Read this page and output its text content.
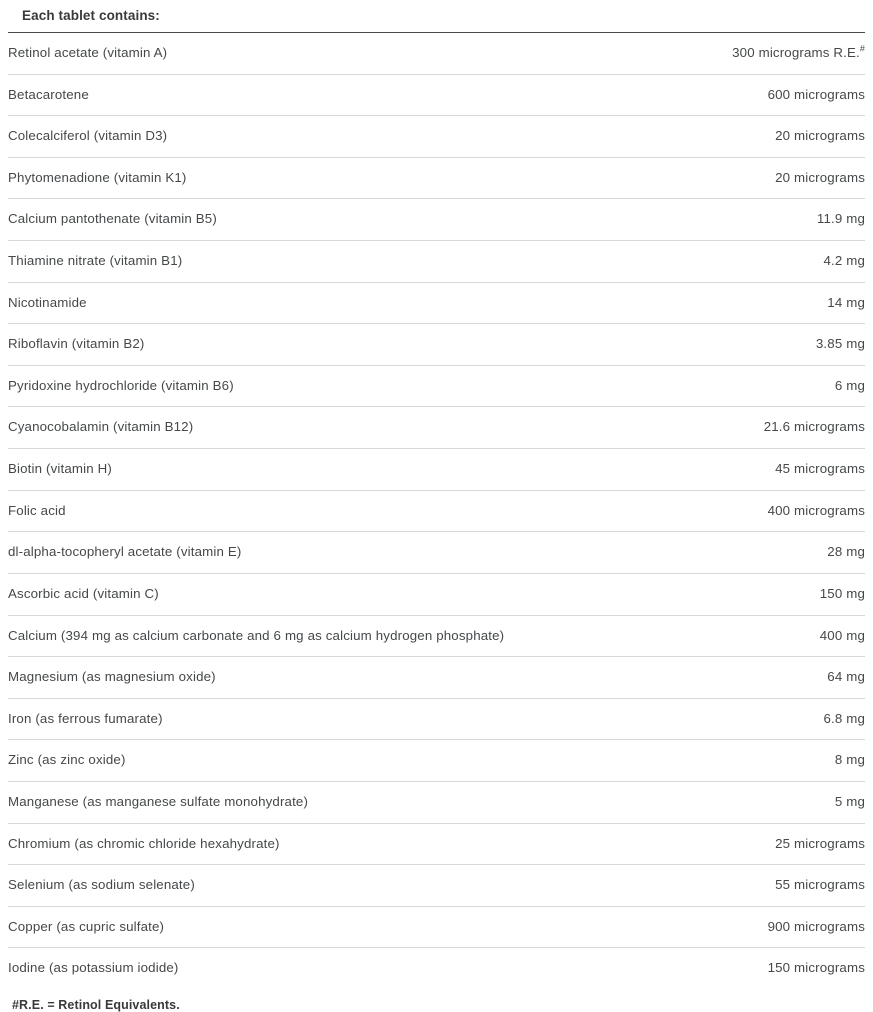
Each tablet contains:
Retinol acetate (vitamin A)	300 micrograms R.E.#
Betacarotene	600 micrograms
Colecalciferol (vitamin D3)	20 micrograms
Phytomenadione (vitamin K1)	20 micrograms
Calcium pantothenate (vitamin B5)	11.9 mg
Thiamine nitrate (vitamin B1)	4.2 mg
Nicotinamide	14 mg
Riboflavin (vitamin B2)	3.85 mg
Pyridoxine hydrochloride (vitamin B6)	6 mg
Cyanocobalamin (vitamin B12)	21.6 micrograms
Biotin (vitamin H)	45 micrograms
Folic acid	400 micrograms
dl-alpha-tocopheryl acetate (vitamin E)	28 mg
Ascorbic acid (vitamin C)	150 mg
Calcium (394 mg as calcium carbonate and 6 mg as calcium hydrogen phosphate)	400 mg
Magnesium (as magnesium oxide)	64 mg
Iron (as ferrous fumarate)	6.8 mg
Zinc (as zinc oxide)	8 mg
Manganese (as manganese sulfate monohydrate)	5 mg
Chromium (as chromic chloride hexahydrate)	25 micrograms
Selenium (as sodium selenate)	55 micrograms
Copper (as cupric sulfate)	900 micrograms
Iodine (as potassium iodide)	150 micrograms
#R.E. = Retinol Equivalents.
